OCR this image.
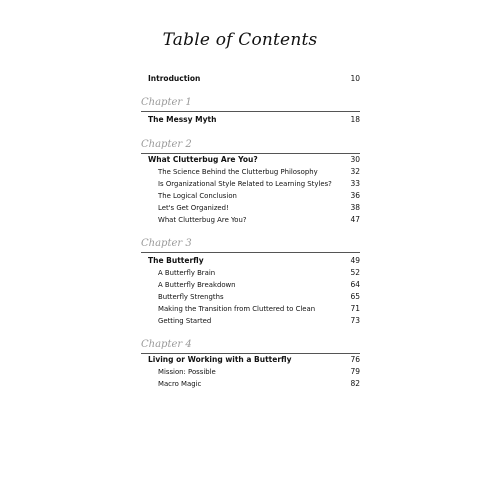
Table of Contents
Introduction	10
Chapter 1
The Messy Myth	18
Chapter 2
What Clutterbug Are You?	30
The Science Behind the Clutterbug Philosophy	32
Is Organizational Style Related to Learning Styles? 33
The Logical Conclusion	36
Let's Get Organized!	38
What Clutterbug Are You?	47
Chapter 3
The Butterfly	49
A Butterfly Brain	52
A Butterfly Breakdown	64
Butterfly Strengths	65
Making the Transition from Cluttered to Clean	71
Getting Started	73
Chapter 4
Living or Working with a Butterfly	76
Mission: Possible	79
Macro Magic	82
